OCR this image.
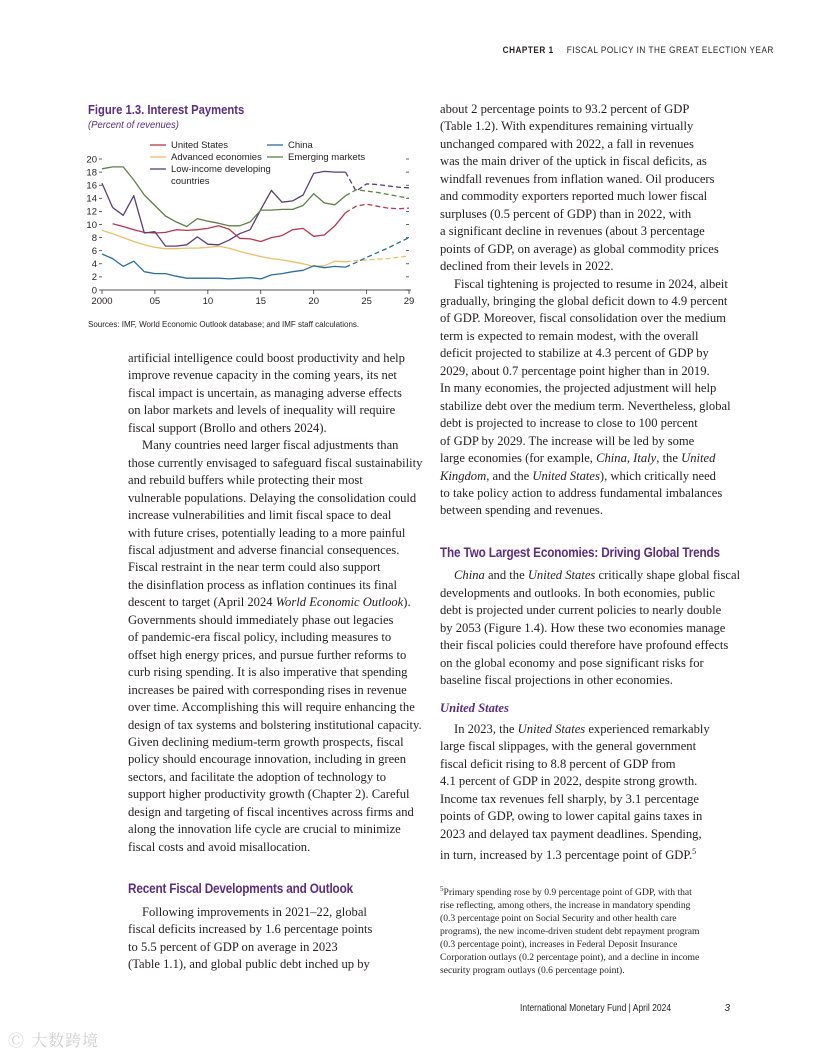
CHAPTER 1 FISCAL POLICY IN THE GREAT ELECTION YEAR
Figure 1.3. Interest Payments
(Percent of revenues)
0
2
4
6
8
10
12
14
16
18
20
2000	05	10	15	20	25	29
United States
Advanced economies
Low-income developing
countries
China
Emerging markets
Sources: IMF, World Economic Outlook database; and IMF staff calculations.

artificial intelligence could boost productivity and help
improve revenue capacity in the coming years, its net
fiscal impact is uncertain, as managing adverse effects
on labor markets and levels of inequality will require
fiscal support (Brollo and others 2024).

Many countries need larger fiscal adjustments than
those currently envisaged to safeguard fiscal sustainability
and rebuild buffers while protecting their most
vulnerable populations. Delaying the consolidation could
increase vulnerabilities and limit fiscal space to deal
with future crises, potentially leading to a more painful
fiscal adjustment and adverse financial consequences.
Fiscal restraint in the near term could also support
the disinflation process as inflation continues its final
descent to target (April 2024 World Economic Outlook).
Governments should immediately phase out legacies
of pandemic-era fiscal policy, including measures to
offset high energy prices, and pursue further reforms to
curb rising spending. It is also imperative that spending
increases be paired with corresponding rises in revenue
over time. Accomplishing this will require enhancing the
design of tax systems and bolstering institutional capacity.
Given declining medium-term growth prospects, fiscal
policy should encourage innovation, including in green
sectors, and facilitate the adoption of technology to
support higher productivity growth (Chapter 2). Careful
design and targeting of fiscal incentives across firms and
along the innovation life cycle are crucial to minimize
fiscal costs and avoid misallocation.

Recent Fiscal Developments and Outlook

Following improvements in 2021–22, global
fiscal deficits increased by 1.6 percentage points
to 5.5 percent of GDP on average in 2023
(Table 1.1), and global public debt inched up by

about 2 percentage points to 93.2 percent of GDP
(Table 1.2). With expenditures remaining virtually
unchanged compared with 2022, a fall in revenues
was the main driver of the uptick in fiscal deficits, as
windfall revenues from inflation waned. Oil producers
and commodity exporters reported much lower fiscal
surpluses (0.5 percent of GDP) than in 2022, with
a significant decline in revenues (about 3 percentage
points of GDP, on average) as global commodity prices
declined from their levels in 2022.

Fiscal tightening is projected to resume in 2024, albeit
gradually, bringing the global deficit down to 4.9 percent
of GDP. Moreover, fiscal consolidation over the medium
term is expected to remain modest, with the overall
deficit projected to stabilize at 4.3 percent of GDP by
2029, about 0.7 percentage point higher than in 2019.
In many economies, the projected adjustment will help
stabilize debt over the medium term. Nevertheless, global
debt is projected to increase to close to 100 percent
of GDP by 2029. The increase will be led by some
large economies (for example, China, Italy, the United
Kingdom, and the United States), which critically need
to take policy action to address fundamental imbalances
between spending and revenues.

The Two Largest Economies: Driving Global Trends

China and the United States critically shape global fiscal
developments and outlooks. In both economies, public
debt is projected under current policies to nearly double
by 2053 (Figure 1.4). How these two economies manage
their fiscal policies could therefore have profound effects
on the global economy and pose significant risks for
baseline fiscal projections in other economies.

United States

In 2023, the United States experienced remarkably
large fiscal slippages, with the general government
fiscal deficit rising to 8.8 percent of GDP from
4.1 percent of GDP in 2022, despite strong growth.
Income tax revenues fell sharply, by 3.1 percentage
points of GDP, owing to lower capital gains taxes in
2023 and delayed tax payment deadlines. Spending,
in turn, increased by 1.3 percentage point of GDP.$^5$

$^5$Primary spending rose by 0.9 percentage point of GDP, with that
rise reflecting, among others, the increase in mandatory spending
(0.3 percentage point on Social Security and other health care
programs), the new income-driven student debt repayment program
(0.3 percentage point), increases in Federal Deposit Insurance
Corporation outlays (0.2 percentage point), and a decline in income
security program outlays (0.6 percentage point).
International Monetary Fund | April 2024	3
Ⓒ 大数跨境
